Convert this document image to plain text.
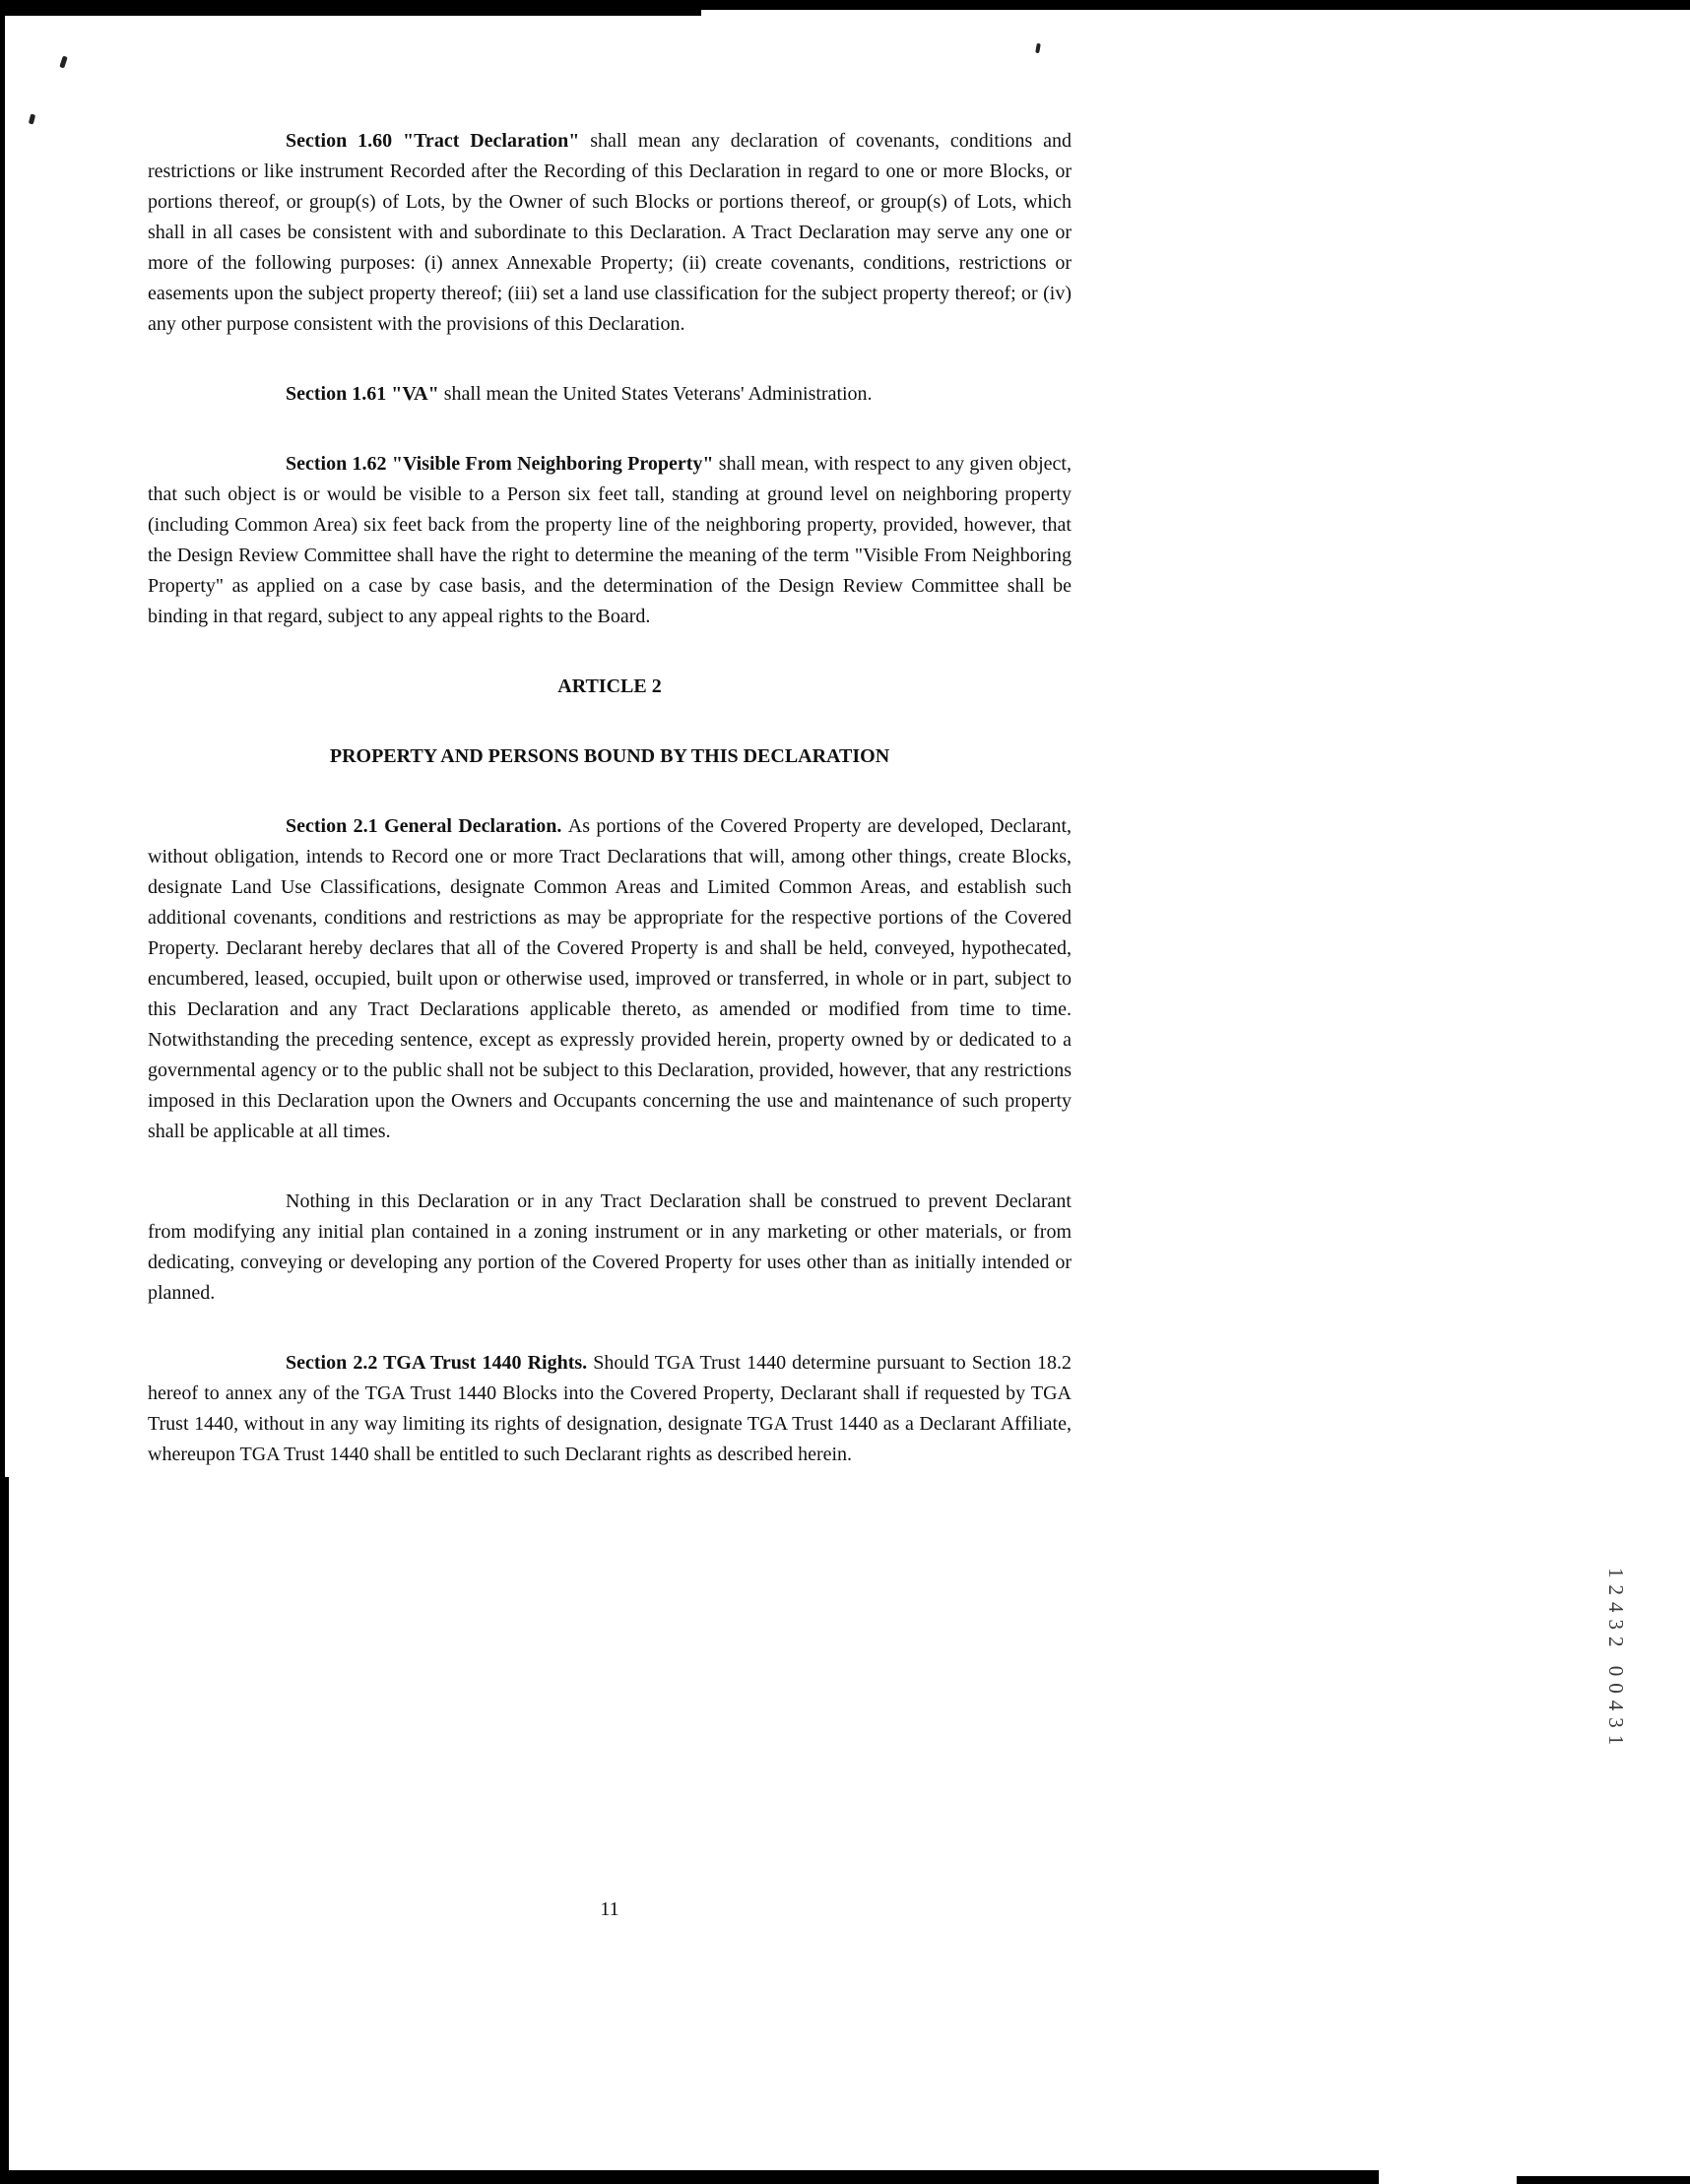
Section 1.60 "Tract Declaration" shall mean any declaration of covenants, conditions and restrictions or like instrument Recorded after the Recording of this Declaration in regard to one or more Blocks, or portions thereof, or group(s) of Lots, by the Owner of such Blocks or portions thereof, or group(s) of Lots, which shall in all cases be consistent with and subordinate to this Declaration. A Tract Declaration may serve any one or more of the following purposes: (i) annex Annexable Property; (ii) create covenants, conditions, restrictions or easements upon the subject property thereof; (iii) set a land use classification for the subject property thereof; or (iv) any other purpose consistent with the provisions of this Declaration.

Section 1.61 "VA" shall mean the United States Veterans' Administration.

Section 1.62 "Visible From Neighboring Property" shall mean, with respect to any given object, that such object is or would be visible to a Person six feet tall, standing at ground level on neighboring property (including Common Area) six feet back from the property line of the neighboring property, provided, however, that the Design Review Committee shall have the right to determine the meaning of the term "Visible From Neighboring Property" as applied on a case by case basis, and the determination of the Design Review Committee shall be binding in that regard, subject to any appeal rights to the Board.

ARTICLE 2
PROPERTY AND PERSONS BOUND BY THIS DECLARATION

Section 2.1 General Declaration. As portions of the Covered Property are developed, Declarant, without obligation, intends to Record one or more Tract Declarations that will, among other things, create Blocks, designate Land Use Classifications, designate Common Areas and Limited Common Areas, and establish such additional covenants, conditions and restrictions as may be appropriate for the respective portions of the Covered Property. Declarant hereby declares that all of the Covered Property is and shall be held, conveyed, hypothecated, encumbered, leased, occupied, built upon or otherwise used, improved or transferred, in whole or in part, subject to this Declaration and any Tract Declarations applicable thereto, as amended or modified from time to time. Notwithstanding the preceding sentence, except as expressly provided herein, property owned by or dedicated to a governmental agency or to the public shall not be subject to this Declaration, provided, however, that any restrictions imposed in this Declaration upon the Owners and Occupants concerning the use and maintenance of such property shall be applicable at all times.

Nothing in this Declaration or in any Tract Declaration shall be construed to prevent Declarant from modifying any initial plan contained in a zoning instrument or in any marketing or other materials, or from dedicating, conveying or developing any portion of the Covered Property for uses other than as initially intended or planned.

Section 2.2 TGA Trust 1440 Rights. Should TGA Trust 1440 determine pursuant to Section 18.2 hereof to annex any of the TGA Trust 1440 Blocks into the Covered Property, Declarant shall if requested by TGA Trust 1440, without in any way limiting its rights of designation, designate TGA Trust 1440 as a Declarant Affiliate, whereupon TGA Trust 1440 shall be entitled to such Declarant rights as described herein.

11
12432 00431
